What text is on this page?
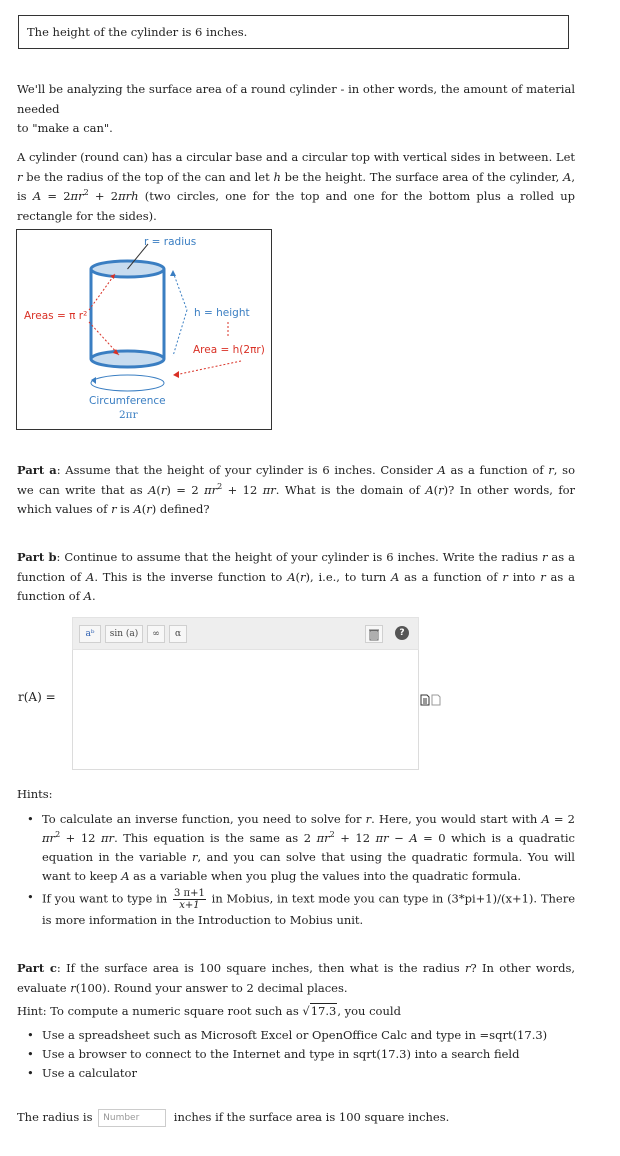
The height of the cylinder is 6 inches.
We'll be analyzing the surface area of a round cylinder - in other words, the amount of material needed
to "make a can".
A cylinder (round can) has a circular base and a circular top with vertical sides in between. Let r be the radius of the top of the can and let h be the height. The surface area of the cylinder, A, is $A = 2\pi r^2 + 2\pi rh$ (two circles, one for the top and one for the bottom plus a rolled up rectangle for the sides).
r = radius
Areas = π r²	h = height
Area = h(2πr)
Circumference
2πr
Part a: Assume that the height of your cylinder is 6 inches. Consider A as a function of r, so we can write that as A(r) = 2 $\pi r^2 + 12$ πr. What is the domain of A(r)? In other words, for which values of r is A(r) defined?
Part b: Continue to assume that the height of your cylinder is 6 inches. Write the radius r as a function of A. This is the inverse function to A(r), i.e., to turn A as a function of r into r as a function of A.
r(A) =
aᵇ	sin (a)	∞	α	?
Hints:
• To calculate an inverse function, you need to solve for r. Here, you would start with A = 2 $\pi r^2 + 12$ πr. This equation is the same as 2 $\pi r^2 + 12$ πr − A = 0 which is a quadratic equation in the variable r, and you can solve that using the quadratic formula. You will want to keep A as a variable when you plug the values into the quadratic formula.
• If you want to type in $\frac{3 \pi+1}{x+1}$ in Mobius, in text mode you can type in (3*pi+1)/(x+1). There is more information in the Introduction to Mobius unit.
Part c: If the surface area is 100 square inches, then what is the radius r? In other words, evaluate r(100). Round your answer to 2 decimal places.
Hint: To compute a numeric square root such as √17.3, you could
• Use a spreadsheet such as Microsoft Excel or OpenOffice Calc and type in =sqrt(17.3)
• Use a browser to connect to the Internet and type in sqrt(17.3) into a search field
• Use a calculator
The radius is Number	inches if the surface area is 100 square inches.
